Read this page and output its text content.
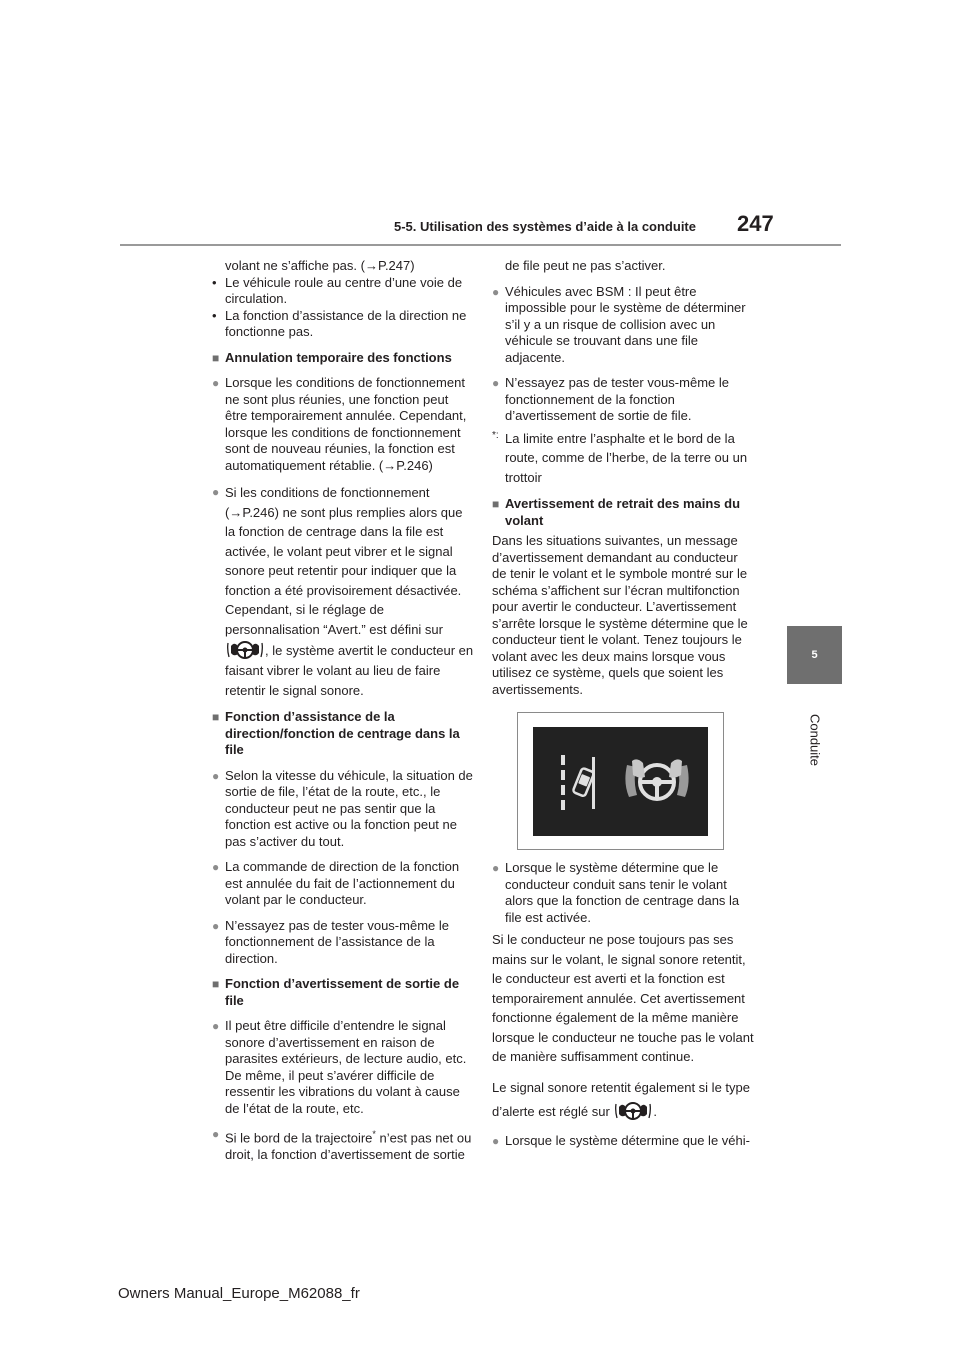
5-5. Utilisation des systèmes d’aide à la conduite 247
5
Conduite

volant ne s’affiche pas. (→P.247)

• Le véhicule roule au centre d’une voie de circulation.
• La fonction d’assistance de la direction ne fonctionne pas.
■ Annulation temporaire des fonctions
● Lorsque les conditions de fonctionnement ne sont plus réunies, une fonction peut être temporairement annulée. Cependant, lorsque les conditions de fonctionnement sont de nouveau réunies, la fonction est automatiquement rétablie. (→P.246)
● Si les conditions de fonctionnement (→P.246) ne sont plus remplies alors que la fonction de centrage dans la file est activée, le volant peut vibrer et le signal sonore peut retentir pour indiquer que la fonction a été provisoirement désactivée. Cependant, si le réglage de personnalisation “Avert.” est défini sur , le système avertit le conducteur en faisant vibrer le volant au lieu de faire retentir le signal sonore.
■ Fonction d’assistance de la direction/fonction de centrage dans la file
● Selon la vitesse du véhicule, la situation de sortie de file, l’état de la route, etc., le conducteur peut ne pas sentir que la fonction est active ou la fonction peut ne pas s’activer du tout.
● La commande de direction de la fonction est annulée du fait de l’actionnement du volant par le conducteur.
● N’essayez pas de tester vous-même le fonctionnement de l’assistance de la direction.
■ Fonction d’avertissement de sortie de file
● Il peut être difficile d’entendre le signal sonore d’avertissement en raison de parasites extérieurs, de lecture audio, etc. De même, il peut s’avérer difficile de ressentir les vibrations du volant à cause de l’état de la route, etc.
● Si le bord de la trajectoire* n’est pas net ou droit, la fonction d’avertissement de sortie

de file peut ne pas s’activer.

● Véhicules avec BSM : Il peut être impossible pour le système de déterminer s’il y a un risque de collision avec un véhicule se trouvant dans une file adjacente.
● N’essayez pas de tester vous-même le fonctionnement de la fonction d’avertissement de sortie de file.
*: La limite entre l’asphalte et le bord de la route, comme de l’herbe, de la terre ou un trottoir
■ Avertissement de retrait des mains du volant

Dans les situations suivantes, un message d’avertissement demandant au conducteur de tenir le volant et le symbole montré sur le schéma s’affichent sur l’écran multifonction pour avertir le conducteur. L’avertissement s’arrête lorsque le système détermine que le conducteur tient le volant. Tenez toujours le volant avec les deux mains lorsque vous utilisez ce système, quels que soient les avertissements.

● Lorsque le système détermine que le conducteur conduit sans tenir le volant alors que la fonction de centrage dans la file est activée.

Si le conducteur ne pose toujours pas ses mains sur le volant, le signal sonore retentit, le conducteur est averti et la fonction est temporairement annulée. Cet avertissement fonctionne également de la même manière lorsque le conducteur ne touche pas le volant de manière suffisamment continue.

Le signal sonore retentit également si le type d’alerte est réglé sur	.

● Lorsque le système détermine que le véhi-
Owners Manual_Europe_M62088_fr
